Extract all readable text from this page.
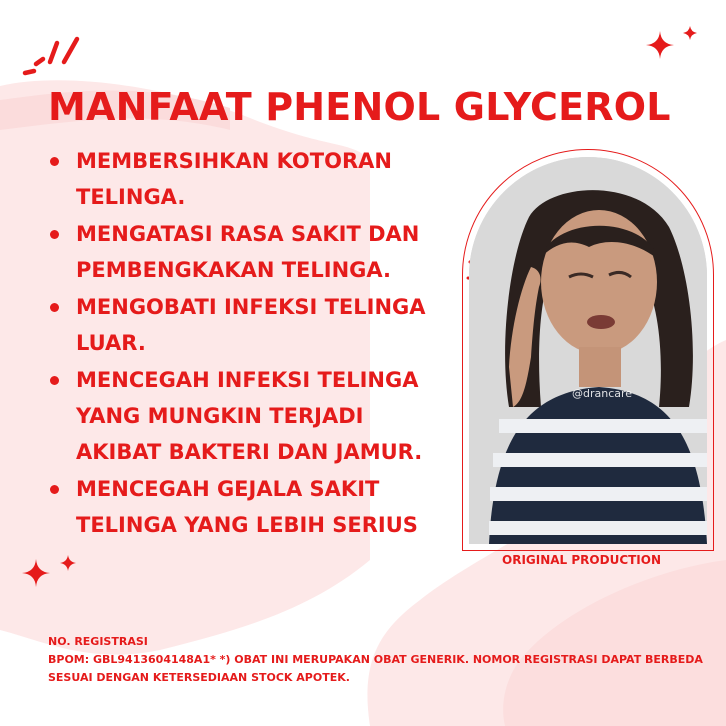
MANFAAT PHENOL GLYCEROL
MEMBERSIHKAN KOTORAN
TELINGA.
MENGATASI RASA SAKIT DAN
PEMBENGKAKAN TELINGA.
MENGOBATI INFEKSI TELINGA
LUAR.
MENCEGAH INFEKSI TELINGA
YANG MUNGKIN TERJADI
AKIBAT BAKTERI DAN JAMUR.
MENCEGAH GEJALA SAKIT
TELINGA YANG LEBIH SERIUS
@drancare
ORIGINAL PRODUCTION

NO. REGISTRASI

BPOM: GBL9413604148A1* *) OBAT INI MERUPAKAN OBAT GENERIK. NOMOR REGISTRASI DAPAT BERBEDA SESUAI DENGAN KETERSEDIAAN STOCK APOTEK.
